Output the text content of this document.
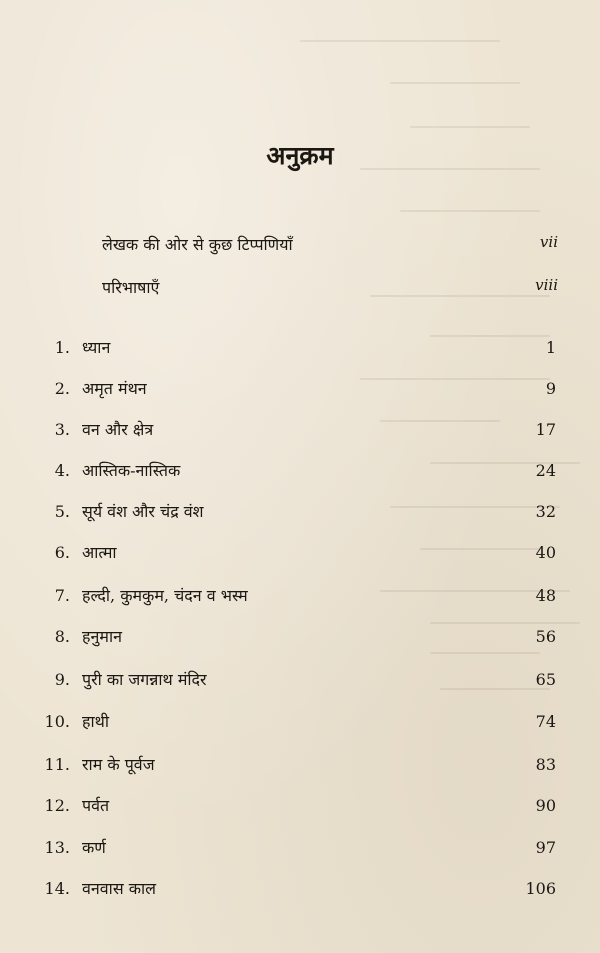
अनुक्रम
लेखक की ओर से कुछ टिप्पणियाँ	vii
परिभाषाएँ	viii
1. ध्यान	1
2. अमृत मंथन	9
3. वन और क्षेत्र	17
4. आस्तिक-नास्तिक	24
5. सूर्य वंश और चंद्र वंश	32
6. आत्मा	40
7. हल्दी, कुमकुम, चंदन व भस्म	48
8. हनुमान	56
9. पुरी का जगन्नाथ मंदिर	65
10. हाथी	74
11. राम के पूर्वज	83
12. पर्वत	90
13. कर्ण	97
14. वनवास काल	106
